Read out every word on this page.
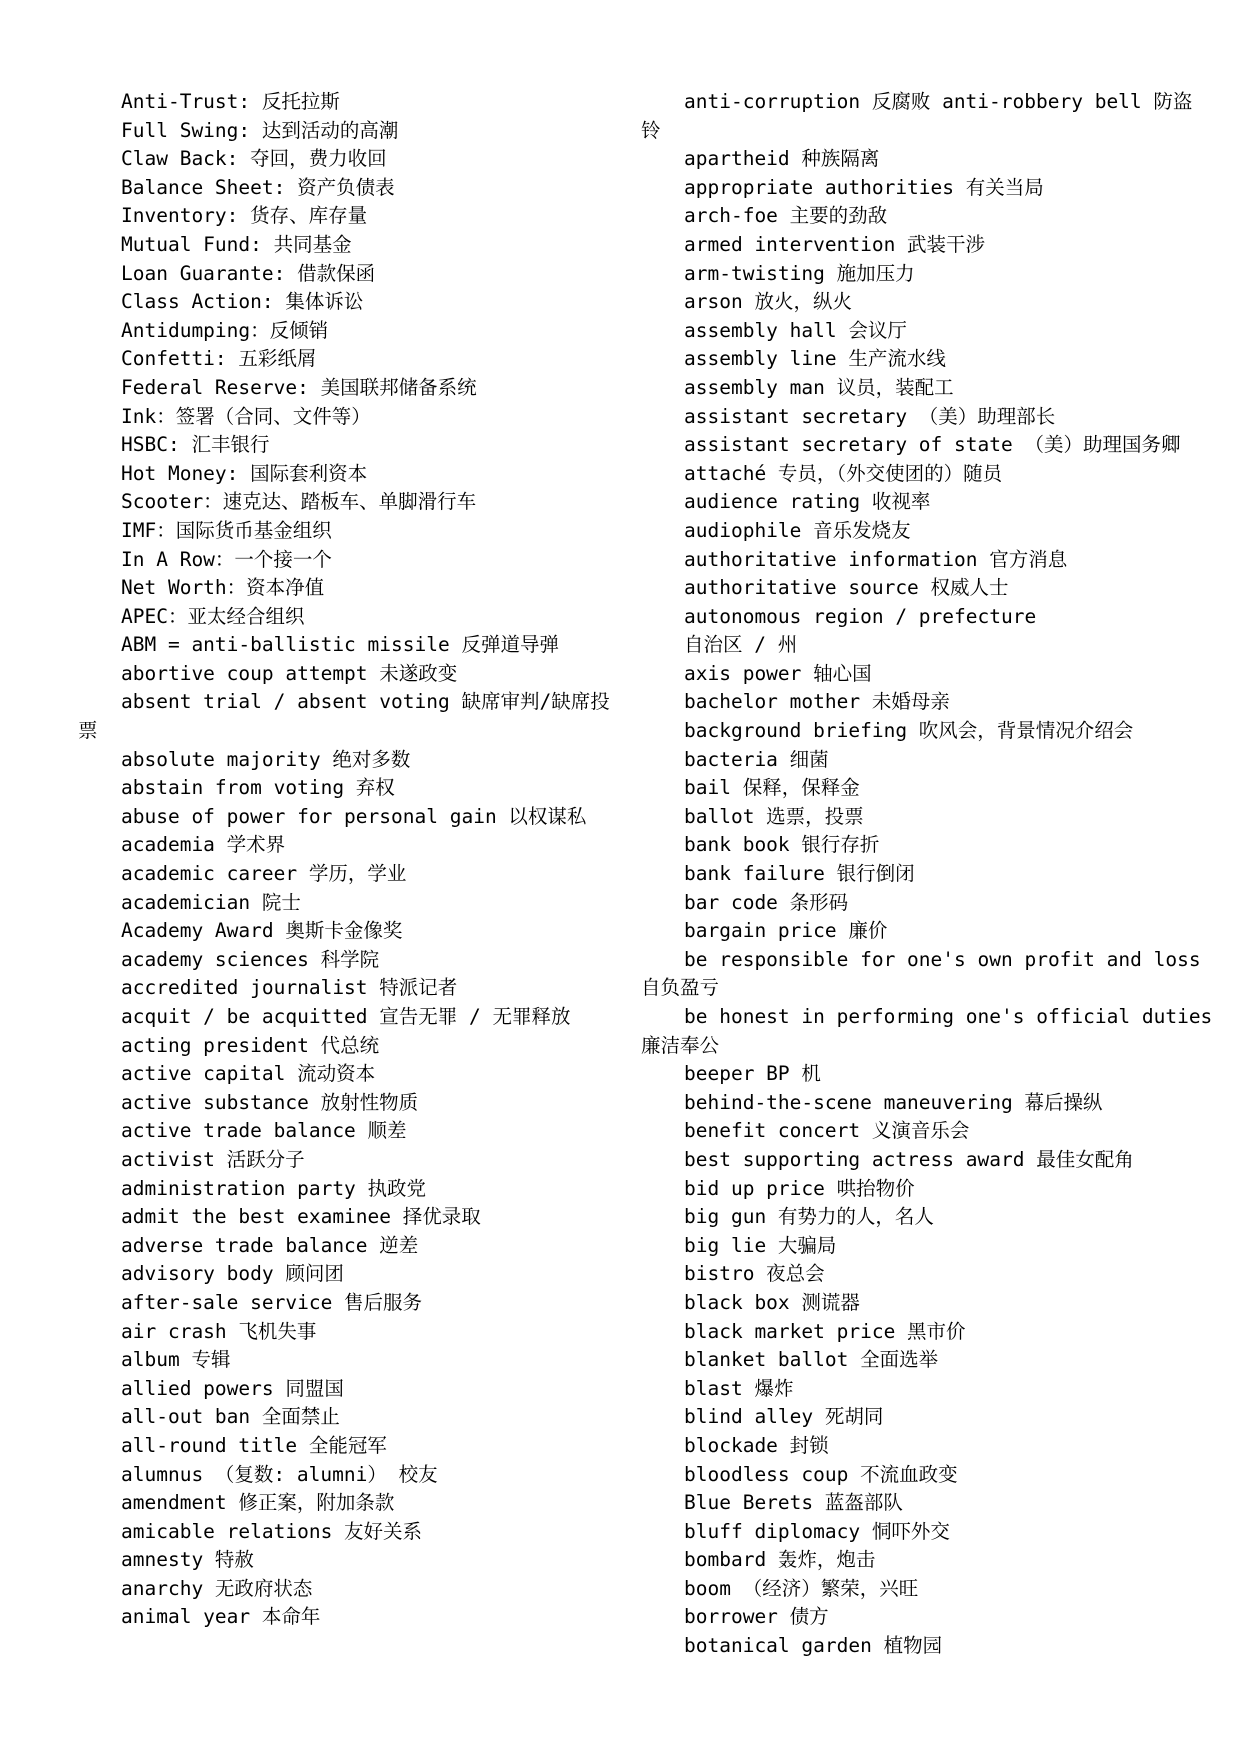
Anti-Trust: 反托拉斯
Full Swing: 达到活动的高潮
Claw Back: 夺回，费力收回
Balance Sheet: 资产负债表
Inventory: 货存、库存量
Mutual Fund: 共同基金
Loan Guarante: 借款保函
Class Action: 集体诉讼
Antidumping：反倾销
Confetti: 五彩纸屑
Federal Reserve: 美国联邦储备系统
Ink：签署（合同、文件等）
HSBC: 汇丰银行
Hot Money: 国际套利资本
Scooter：速克达、踏板车、单脚滑行车
IMF：国际货币基金组织
In A Row：一个接一个
Net Worth：资本净值
APEC：亚太经合组织
ABM = anti-ballistic missile 反弹道导弹
abortive coup attempt 未遂政变
absent trial / absent voting 缺席审判/缺席投
票
absolute majority 绝对多数
abstain from voting 弃权
abuse of power for personal gain 以权谋私
academia 学术界
academic career 学历，学业
academician 院士
Academy Award 奥斯卡金像奖
academy sciences 科学院
accredited journalist 特派记者
acquit / be acquitted 宣告无罪 / 无罪释放
acting president 代总统
active capital 流动资本
active substance 放射性物质
active trade balance 顺差
activist 活跃分子
administration party 执政党
admit the best examinee 择优录取
adverse trade balance 逆差
advisory body 顾问团
after-sale service 售后服务
air crash 飞机失事
album 专辑
allied powers 同盟国
all-out ban 全面禁止
all-round title 全能冠军
alumnus （复数: alumni） 校友
amendment 修正案，附加条款
amicable relations 友好关系
amnesty 特赦
anarchy 无政府状态
animal year 本命年
anti-corruption 反腐败 anti-robbery bell 防盗
铃
apartheid 种族隔离
appropriate authorities 有关当局
arch-foe 主要的劲敌
armed intervention 武装干涉
arm-twisting 施加压力
arson 放火，纵火
assembly hall 会议厅
assembly line 生产流水线
assembly man 议员，装配工
assistant secretary （美）助理部长
assistant secretary of state （美）助理国务卿
attaché 专员，（外交使团的）随员
audience rating 收视率
audiophile 音乐发烧友
authoritative information 官方消息
authoritative source 权威人士
autonomous region / prefecture
自治区 / 州
axis power 轴心国
bachelor mother 未婚母亲
background briefing 吹风会，背景情况介绍会
bacteria 细菌
bail 保释，保释金
ballot 选票，投票
bank book 银行存折
bank failure 银行倒闭
bar code 条形码
bargain price 廉价
be responsible for one's own profit and loss
自负盈亏
be honest in performing one's official duties
廉洁奉公
beeper BP 机
behind-the-scene maneuvering 幕后操纵
benefit concert 义演音乐会
best supporting actress award 最佳女配角
bid up price 哄抬物价
big gun 有势力的人，名人
big lie 大骗局
bistro 夜总会
black box 测谎器
black market price 黑市价
blanket ballot 全面选举
blast 爆炸
blind alley 死胡同
blockade 封锁
bloodless coup 不流血政变
Blue Berets 蓝盔部队
bluff diplomacy 恫吓外交
bombard 轰炸，炮击
boom （经济）繁荣，兴旺
borrower 债方
botanical garden 植物园
